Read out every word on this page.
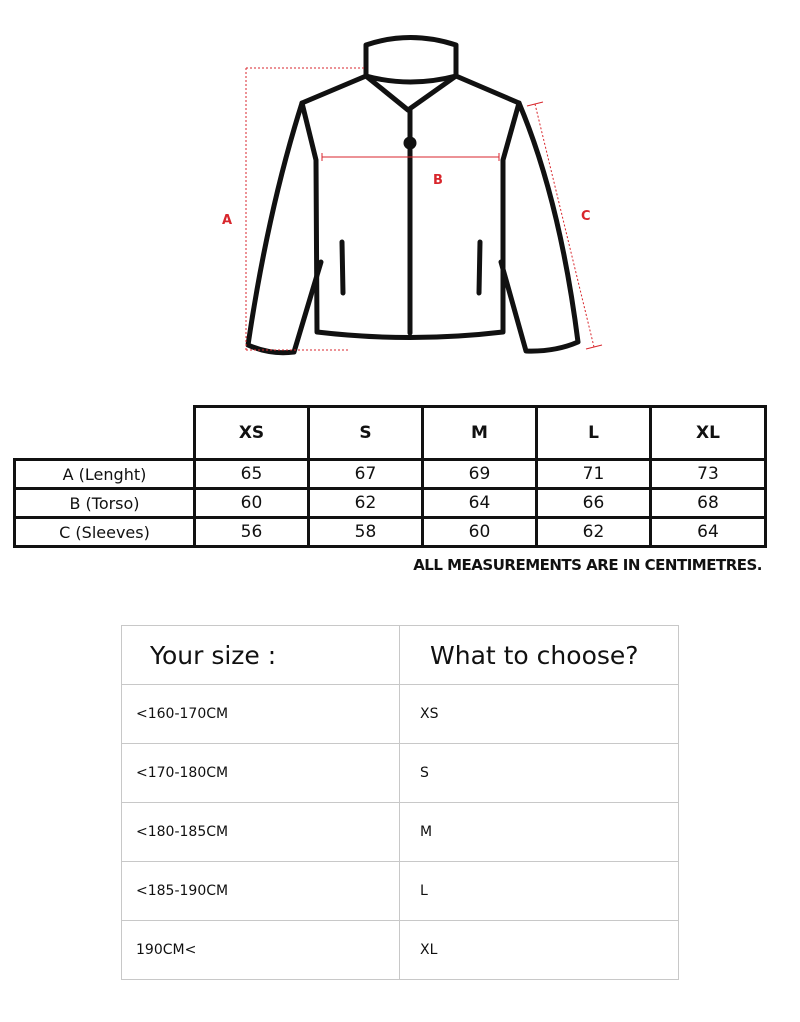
A
B
C
	XS	S	M	L	XL
A (Lenght)	65	67	69	71	73
B (Torso)	60	62	64	66	68
C (Sleeves)	56	58	60	62	64
ALL MEASUREMENTS ARE IN CENTIMETRES.
Your size :	What to choose?
<160-170CM	XS
<170-180CM	S
<180-185CM	M
<185-190CM	L
190CM<	XL
